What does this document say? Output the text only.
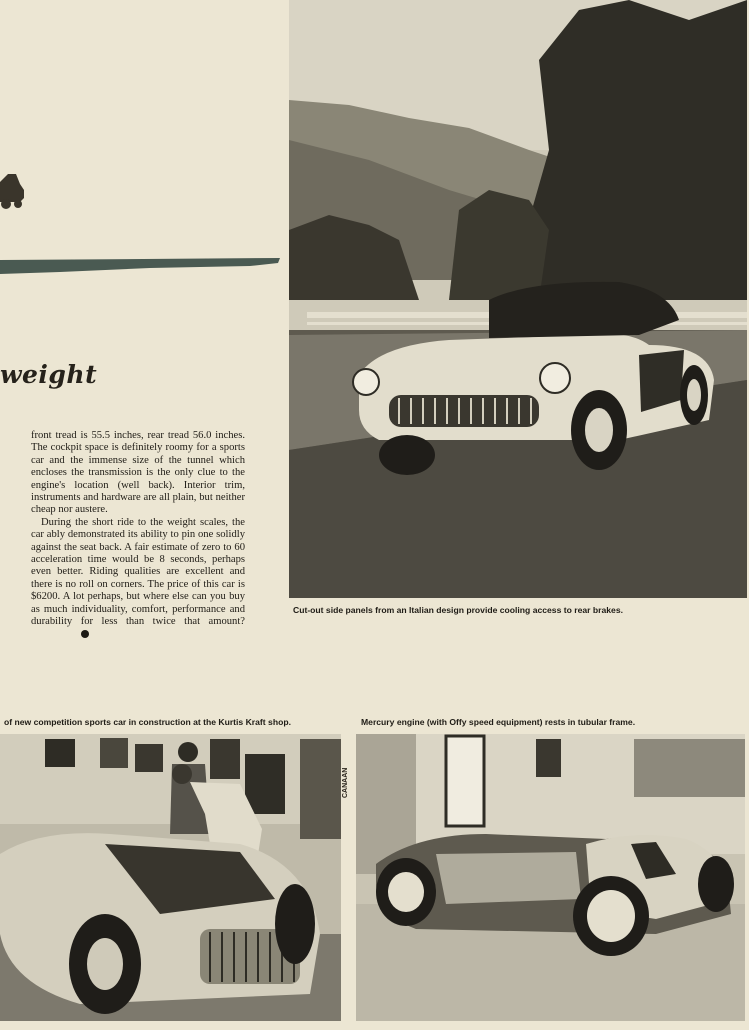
weight

front tread is 55.5 inches, rear tread 56.0 inches. The cockpit space is definitely roomy for a sports car and the immense size of the tunnel which encloses the transmission is the only clue to the engine's location (well back). Interior trim, instruments and hardware are all plain, but neither cheap nor austere.

During the short ride to the weight scales, the car ably demonstrated its ability to pin one solidly against the seat back. A fair estimate of zero to 60 acceleration time would be 8 seconds, perhaps even better. Riding qualities are excellent and there is no roll on corners. The price of this car is $6200. A lot perhaps, but where else can you buy as much individuality, comfort, performance and durability for less than twice that amount?

Cut-out side panels from an Italian design provide cooling access to rear brakes.
of new competition sports car in construction at the Kurtis Kraft shop.	Mercury engine (with Offy speed equipment) rests in tubular frame.
CANAAN
